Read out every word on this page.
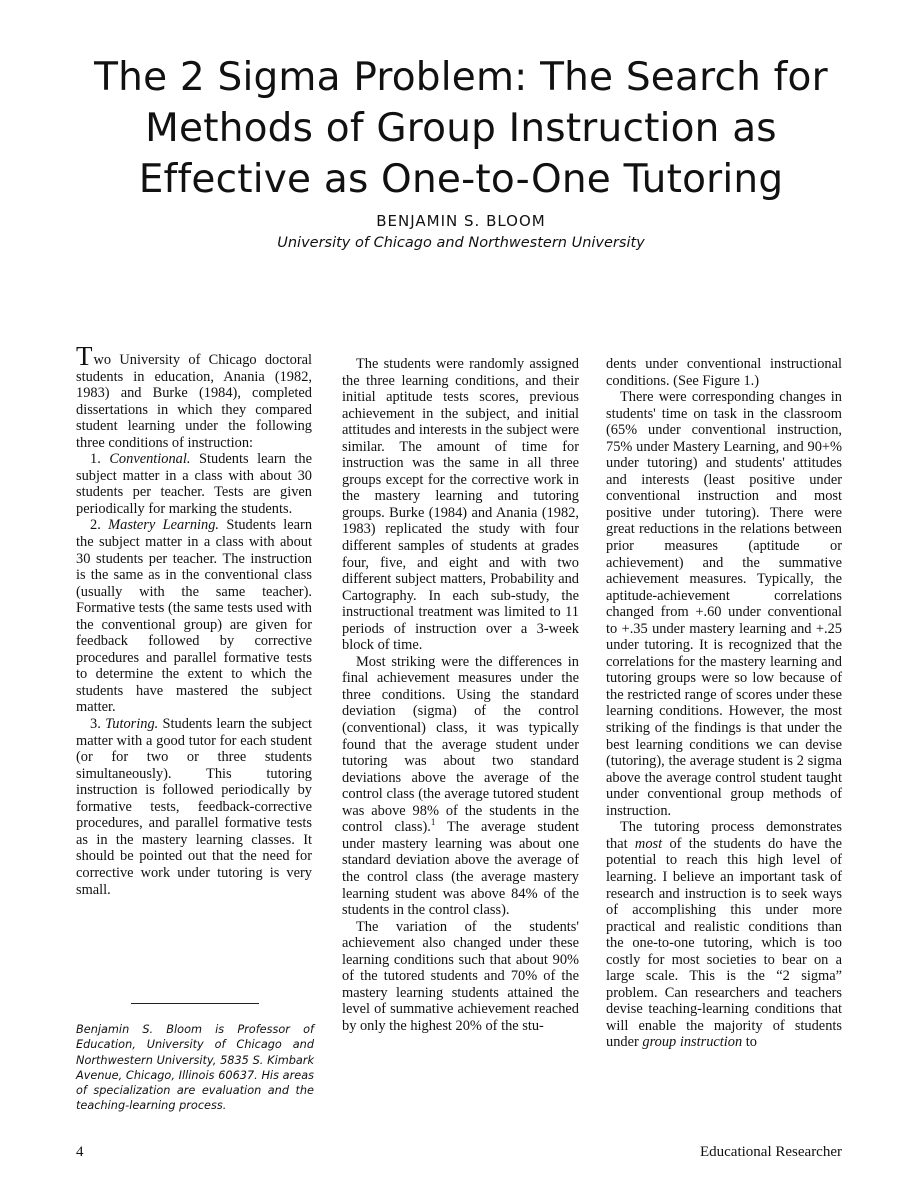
The 2 Sigma Problem: The Search for
Methods of Group Instruction as
Effective as One-to-One Tutoring
BENJAMIN S. BLOOM
University of Chicago and Northwestern University

Two University of Chicago doctoral students in education, Anania (1982, 1983) and Burke (1984), completed dissertations in which they compared student learning under the following three conditions of instruction:

1. Conventional. Students learn the subject matter in a class with about 30 students per teacher. Tests are given periodically for marking the students.

2. Mastery Learning. Students learn the subject matter in a class with about 30 students per teacher. The instruction is the same as in the conventional class (usually with the same teacher). Formative tests (the same tests used with the conventional group) are given for feedback followed by corrective procedures and parallel formative tests to determine the extent to which the students have mastered the subject matter.

3. Tutoring. Students learn the subject matter with a good tutor for each student (or for two or three students simultaneously). This tutoring instruction is followed periodically by formative tests, feedback-corrective procedures, and parallel formative tests as in the mastery learning classes. It should be pointed out that the need for corrective work under tutoring is very small.

Benjamin S. Bloom is Professor of Education, University of Chicago and Northwestern University, 5835 S. Kimbark Avenue, Chicago, Illinois 60637. His areas of specialization are evaluation and the teaching-learning process.

The students were randomly assigned the three learning conditions, and their initial aptitude tests scores, previous achievement in the subject, and initial attitudes and interests in the subject were similar. The amount of time for instruction was the same in all three groups except for the corrective work in the mastery learning and tutoring groups. Burke (1984) and Anania (1982, 1983) replicated the study with four different samples of students at grades four, five, and eight and with two different subject matters, Probability and Cartography. In each sub-study, the instructional treatment was limited to 11 periods of instruction over a 3-week block of time.

Most striking were the differences in final achievement measures under the three conditions. Using the standard deviation (sigma) of the control (conventional) class, it was typically found that the average student under tutoring was about two standard deviations above the average of the control class (the average tutored student was above 98% of the students in the control class).$^1$ The average student under mastery learning was about one standard deviation above the average of the control class (the average mastery learning student was above 84% of the students in the control class).

The variation of the students' achievement also changed under these learning conditions such that about 90% of the tutored students and 70% of the mastery learning students attained the level of summative achievement reached by only the highest 20% of the stu-

dents under conventional instructional conditions. (See Figure 1.)

There were corresponding changes in students' time on task in the classroom (65% under conventional instruction, 75% under Mastery Learning, and 90+% under tutoring) and students' attitudes and interests (least positive under conventional instruction and most positive under tutoring). There were great reductions in the relations between prior measures (aptitude or achievement) and the summative achievement measures. Typically, the aptitude-achievement correlations changed from +.60 under conventional to +.35 under mastery learning and +.25 under tutoring. It is recognized that the correlations for the mastery learning and tutoring groups were so low because of the restricted range of scores under these learning conditions. However, the most striking of the findings is that under the best learning conditions we can devise (tutoring), the average student is 2 sigma above the average control student taught under conventional group methods of instruction.

The tutoring process demonstrates that most of the students do have the potential to reach this high level of learning. I believe an important task of research and instruction is to seek ways of accomplishing this under more practical and realistic conditions than the one-to-one tutoring, which is too costly for most societies to bear on a large scale. This is the “2 sigma” problem. Can researchers and teachers devise teaching-learning conditions that will enable the majority of students under group instruction to

4	Educational Researcher
